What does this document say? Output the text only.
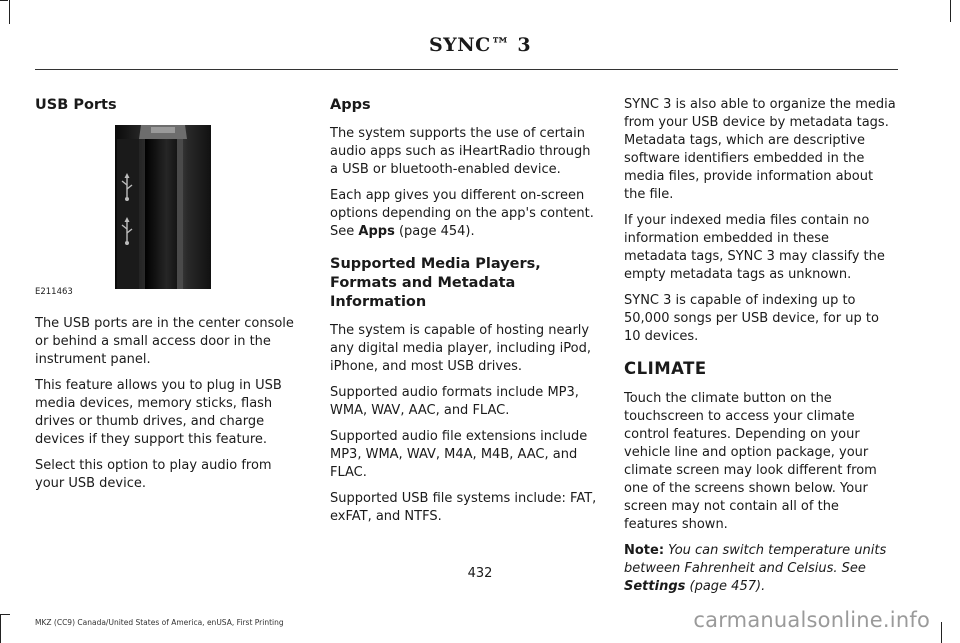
SYNC™ 3
USB Ports
E211463

The USB ports are in the center console or behind a small access door in the instrument panel.

This feature allows you to plug in USB media devices, memory sticks, flash drives or thumb drives, and charge devices if they support this feature.

Select this option to play audio from your USB device.

Apps

The system supports the use of certain audio apps such as iHeartRadio through a USB or bluetooth-enabled device.

Each app gives you different on-screen options depending on the app's content. See Apps (page 454).

Supported Media Players, Formats and Metadata Information

The system is capable of hosting nearly any digital media player, including iPod, iPhone, and most USB drives.

Supported audio formats include MP3, WMA, WAV, AAC, and FLAC.

Supported audio file extensions include MP3, WMA, WAV, M4A, M4B, AAC, and FLAC.

Supported USB file systems include: FAT, exFAT, and NTFS.

SYNC 3 is also able to organize the media from your USB device by metadata tags. Metadata tags, which are descriptive software identifiers embedded in the media files, provide information about the file.

If your indexed media files contain no information embedded in these metadata tags, SYNC 3 may classify the empty metadata tags as unknown.

SYNC 3 is capable of indexing up to 50,000 songs per USB device, for up to 10 devices.

CLIMATE

Touch the climate button on the touchscreen to access your climate control features. Depending on your vehicle line and option package, your climate screen may look different from one of the screens shown below. Your screen may not contain all of the features shown.

Note: You can switch temperature units between Fahrenheit and Celsius. See Settings (page 457).

432
MKZ (CC9) Canada/United States of America, enUSA, First Printing	carmanualsonline.info
